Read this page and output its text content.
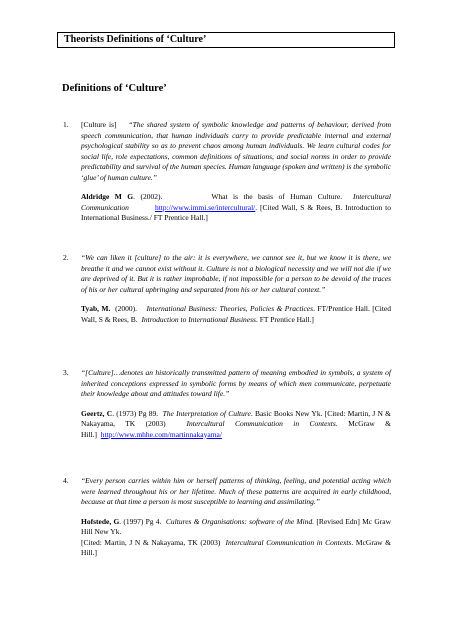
Theorists Definitions of ‘Culture’
Definitions of ‘Culture’
1. [Culture is] “The shared system of symbolic knowledge and patterns of behaviour, derived from speech communication, that human individuals carry to provide predictable internal and external psychological stability so as to prevent chaos among human individuals. We learn cultural codes for social life, role expectations, common definitions of situations, and social norms in order to provide predictability and survival of the human species. Human language (spoken and written) is the symbolic ‘glue’ of human culture.”
Aldridge M G. (2002).	What is the basis of Human Culture. Intercultural Communication	http://www.immi.se/intercultural/. [Cited Wall, S & Rees, B. Introduction to International Business./ FT Prentice Hall.]
2. “We can liken it [culture] to the air: it is everywhere, we cannot see it, but we know it is there, we breathe it and we cannot exist without it. Culture is not a biological necessity and we will not die if we are deprived of it. But it is rather improbable, if not impossible for a person to be devoid of the traces of his or her cultural upbringing and separated from his or her cultural context.”
Tyab, M. (2000). International Business: Theories, Policies & Practices. FT/Prentice Hall. [Cited Wall, S & Rees, B. Introduction to International Business. FT Prentice Hall.]
3. “[Culture]…denotes an historically transmitted pattern of meaning embodied in symbols, a system of inherited conceptions expressed in symbolic forms by means of which men communicate, perpetuate their knowledge about and attitudes toward life.”
Geertz, C. (1973) Pg 89. The Interpretation of Culture. Basic Books New Yk. [Cited: Martin, J N & Nakayama, TK (2003)	Intercultural Communication in Contexts. McGraw & Hill.] http://www.mhhe.com/martinnakayama/
4. “Every person carries within him or herself patterns of thinking, feeling, and potential acting which were learned throughout his or her lifetime. Much of these patterns are acquired in early childhood, because at that time a person is most susceptible to learning and assimilating.”
Hofstede, G. (1997) Pg 4. Cultures & Organisations: software of the Mind. [Revised Edn] Mc Graw Hill New Yk.
[Cited: Martin, J N & Nakayama, TK (2003) Intercultural Communication in Contexts. McGraw & Hill.]
